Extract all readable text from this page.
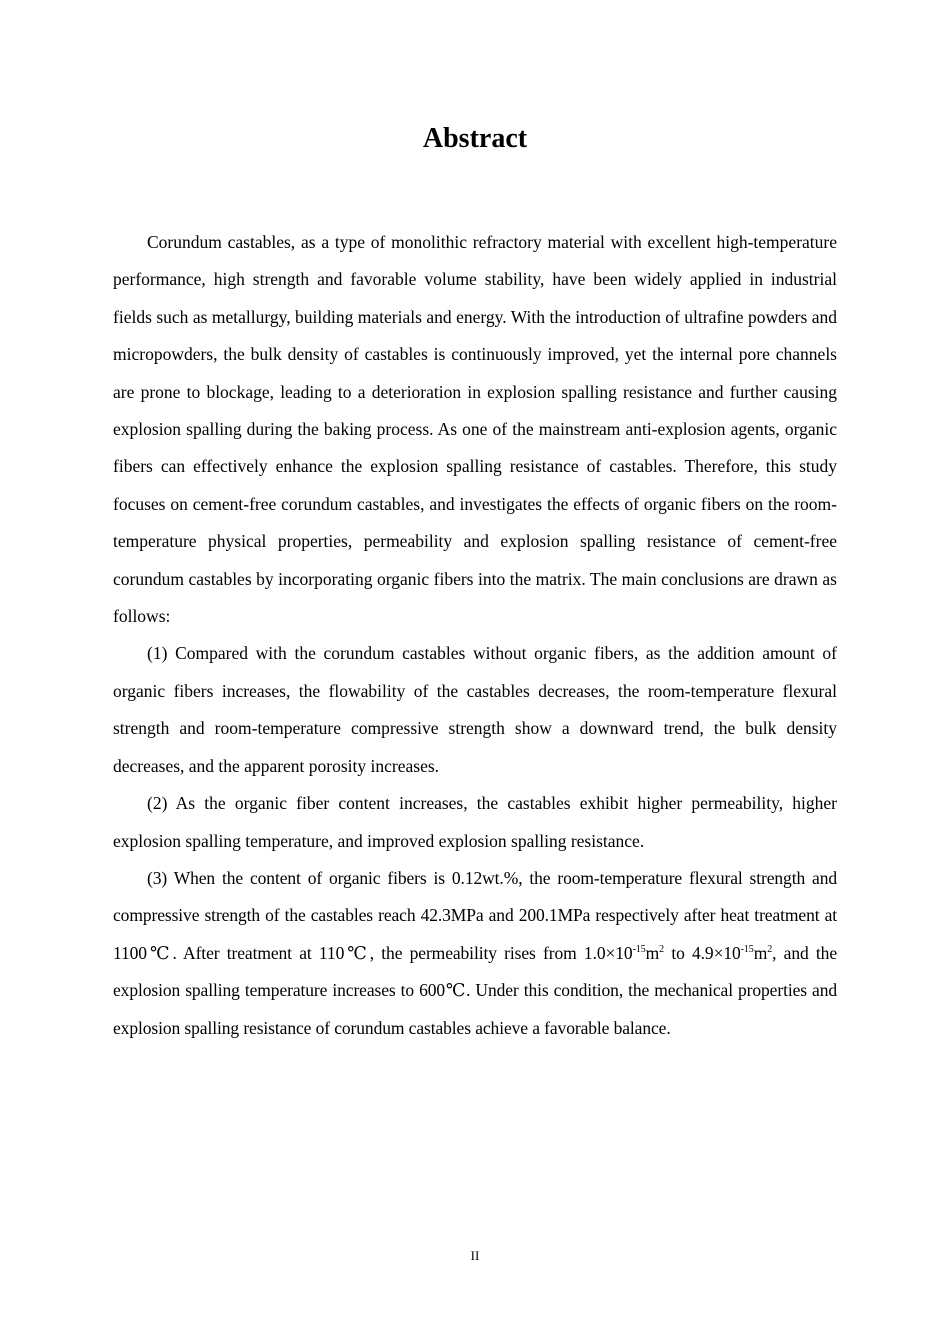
Abstract

Corundum castables, as a type of monolithic refractory material with excellent high-temperature performance, high strength and favorable volume stability, have been widely applied in industrial fields such as metallurgy, building materials and energy. With the introduction of ultrafine powders and micropowders, the bulk density of castables is continuously improved, yet the internal pore channels are prone to blockage, leading to a deterioration in explosion spalling resistance and further causing explosion spalling during the baking process. As one of the mainstream anti-explosion agents, organic fibers can effectively enhance the explosion spalling resistance of castables. Therefore, this study focuses on cement-free corundum castables, and investigates the effects of organic fibers on the room-temperature physical properties, permeability and explosion spalling resistance of cement-free corundum castables by incorporating organic fibers into the matrix. The main conclusions are drawn as follows:

(1) Compared with the corundum castables without organic fibers, as the addition amount of organic fibers increases, the flowability of the castables decreases, the room-temperature flexural strength and room-temperature compressive strength show a downward trend, the bulk density decreases, and the apparent porosity increases.

(2) As the organic fiber content increases, the castables exhibit higher permeability, higher explosion spalling temperature, and improved explosion spalling resistance.

(3) When the content of organic fibers is 0.12wt.%, the room-temperature flexural strength and compressive strength of the castables reach 42.3MPa and 200.1MPa respectively after heat treatment at 1100℃. After treatment at 110℃, the permeability rises from $1.0\times 10^{-15}m^2$ to $4.9\times 10^{-15}m^2$, and the explosion spalling temperature increases to 600℃. Under this condition, the mechanical properties and explosion spalling resistance of corundum castables achieve a favorable balance.

II
